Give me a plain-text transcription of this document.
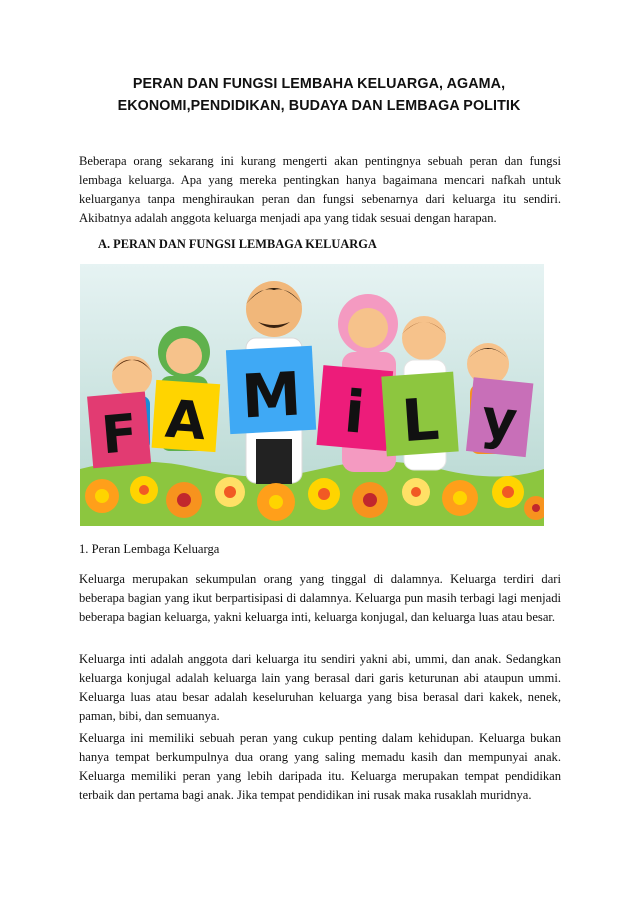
PERAN DAN FUNGSI LEMBAHA KELUARGA, AGAMA,
EKONOMI,PENDIDIKAN, BUDAYA DAN LEMBAGA POLITIK

Beberapa orang sekarang ini kurang mengerti akan pentingnya sebuah peran dan fungsi lembaga keluarga. Apa yang mereka pentingkan hanya bagaimana mencari nafkah untuk keluarganya tanpa menghiraukan peran dan fungsi sebenarnya dari keluarga itu sendiri. Akibatnya adalah anggota keluarga menjadi apa yang tidak sesuai dengan harapan.

A. PERAN DAN FUNGSI LEMBAGA KELUARGA
F A M i L y
1. Peran Lembaga Keluarga

Keluarga merupakan sekumpulan orang yang tinggal di dalamnya. Keluarga terdiri dari beberapa bagian yang ikut berpartisipasi di dalamnya. Keluarga pun masih terbagi lagi menjadi beberapa bagian keluarga, yakni keluarga inti, keluarga konjugal, dan keluarga luas atau besar.

Keluarga inti adalah anggota dari keluarga itu sendiri yakni abi, ummi, dan anak. Sedangkan keluarga konjugal adalah keluarga lain yang berasal dari garis keturunan abi ataupun ummi. Keluarga luas atau besar adalah keseluruhan keluarga yang bisa berasal dari kakek, nenek, paman, bibi, dan semuanya.

Keluarga ini memiliki sebuah peran yang cukup penting dalam kehidupan. Keluarga bukan hanya tempat berkumpulnya dua orang yang saling memadu kasih dan mempunyai anak. Keluarga memiliki peran yang lebih daripada itu. Keluarga merupakan tempat pendidikan terbaik dan pertama bagi anak. Jika tempat pendidikan ini rusak maka rusaklah muridnya.
